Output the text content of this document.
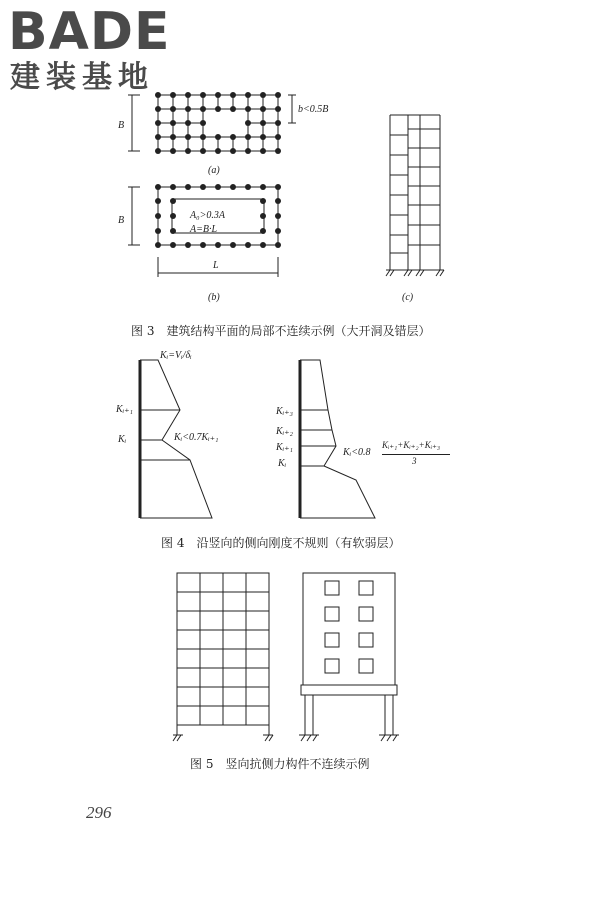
BADE
建装基地
B
b<0.5B
(a)
B	A₀>0.3A
A=B·L
L
(b)	(c)
图 3　建筑结构平面的局部不连续示例（大开洞及错层）
Kᵢ=Vᵢ/δᵢ
Kᵢ₊₁
Kᵢ	Kᵢ<0.7Kᵢ₊₁
Kᵢ₊₃
Kᵢ₊₂
Kᵢ₊₁
Kᵢ
Kᵢ<0.8
Kᵢ₊₁+Kᵢ₊₂+Kᵢ₊₃
3
图 4　沿竖向的侧向刚度不规则（有软弱层）
图 5　竖向抗侧力构件不连续示例
296
